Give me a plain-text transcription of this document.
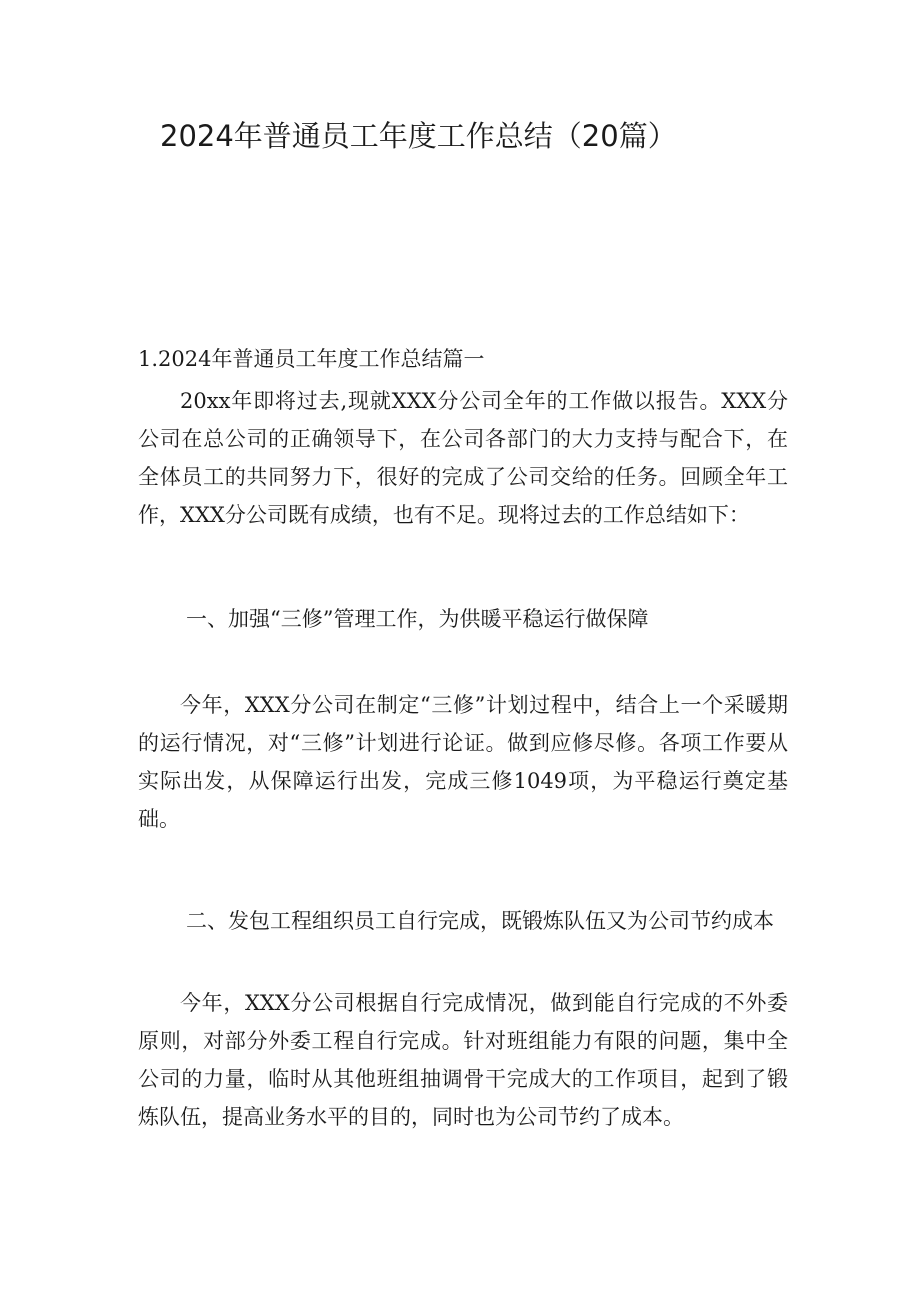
2024年普通员工年度工作总结（20篇）

1.2024年普通员工年度工作总结篇一

20xx年即将过去,现就XXX分公司全年的工作做以报告。XXX分公司在总公司的正确领导下，在公司各部门的大力支持与配合下，在全体员工的共同努力下，很好的完成了公司交给的任务。回顾全年工作，XXX分公司既有成绩，也有不足。现将过去的工作总结如下：

一、加强“三修”管理工作，为供暖平稳运行做保障

今年，XXX分公司在制定“三修”计划过程中，结合上一个采暖期的运行情况，对“三修”计划进行论证。做到应修尽修。各项工作要从实际出发，从保障运行出发，完成三修1049项，为平稳运行奠定基础。

二、发包工程组织员工自行完成，既锻炼队伍又为公司节约成本

今年，XXX分公司根据自行完成情况，做到能自行完成的不外委原则，对部分外委工程自行完成。针对班组能力有限的问题，集中全公司的力量，临时从其他班组抽调骨干完成大的工作项目，起到了锻炼队伍，提高业务水平的目的，同时也为公司节约了成本。
